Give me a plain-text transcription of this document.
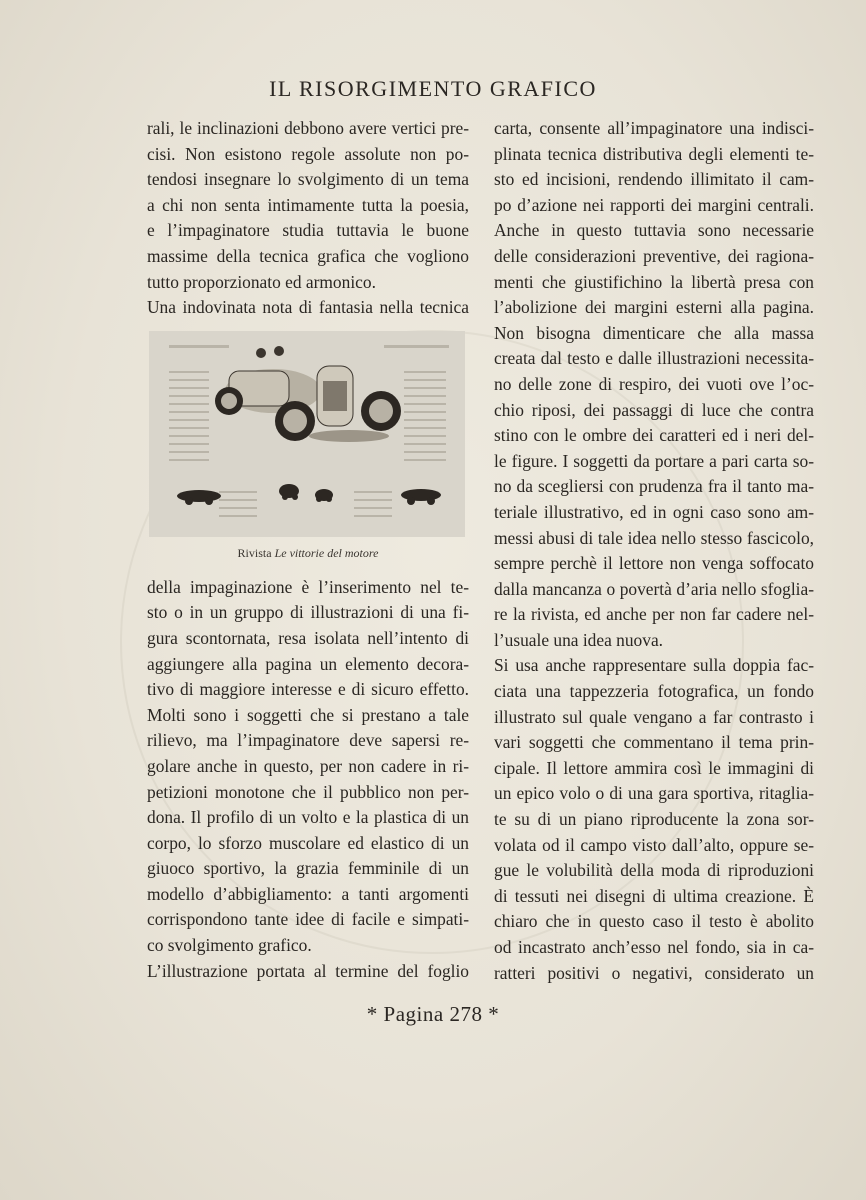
IL RISORGIMENTO GRAFICO

rali, le inclinazioni debbono avere vertici pre-
cisi. Non esistono regole assolute non po-
tendosi insegnare lo svolgimento di un tema
a chi non senta intimamente tutta la poesia,
e l’impaginatore studia tuttavia le buone
massime della tecnica grafica che vogliono
tutto proporzionato ed armonico.

Una indovinata nota di fantasia nella tecnica

Rivista Le vittorie del motore

della impaginazione è l’inserimento nel te-
sto o in un gruppo di illustrazioni di una fi-
gura scontornata, resa isolata nell’intento di
aggiungere alla pagina un elemento decora-
tivo di maggiore interesse e di sicuro effetto.
Molti sono i soggetti che si prestano a tale
rilievo, ma l’impaginatore deve sapersi re-
golare anche in questo, per non cadere in ri-
petizioni monotone che il pubblico non per-
dona. Il profilo di un volto e la plastica di un
corpo, lo sforzo muscolare ed elastico di un
giuoco sportivo, la grazia femminile di un
modello d’abbigliamento: a tanti argomenti
corrispondono tante idee di facile e simpati-
co svolgimento grafico.

L’illustrazione portata al termine del foglio

carta, consente all’impaginatore una indisci-
plinata tecnica distributiva degli elementi te-
sto ed incisioni, rendendo illimitato il cam-
po d’azione nei rapporti dei margini centrali.
Anche in questo tuttavia sono necessarie
delle considerazioni preventive, dei ragiona-
menti che giustifichino la libertà presa con
l’abolizione dei margini esterni alla pagina.
Non bisogna dimenticare che alla massa
creata dal testo e dalle illustrazioni necessita-
no delle zone di respiro, dei vuoti ove l’oc-
chio riposi, dei passaggi di luce che contra
stino con le ombre dei caratteri ed i neri del-
le figure. I soggetti da portare a pari carta so-
no da scegliersi con prudenza fra il tanto ma-
teriale illustrativo, ed in ogni caso sono am-
messi abusi di tale idea nello stesso fascicolo,
sempre perchè il lettore non venga soffocato
dalla mancanza o povertà d’aria nello sfoglia-
re la rivista, ed anche per non far cadere nel-
l’usuale una idea nuova.

Si usa anche rappresentare sulla doppia fac-
ciata una tappezzeria fotografica, un fondo
illustrato sul quale vengano a far contrasto i
vari soggetti che commentano il tema prin-
cipale. Il lettore ammira così le immagini di
un epico volo o di una gara sportiva, ritaglia-
te su di un piano riproducente la zona sor-
volata od il campo visto dall’alto, oppure se-
gue le volubilità della moda di riproduzioni
di tessuti nei disegni di ultima creazione. È
chiaro che in questo caso il testo è abolito
od incastrato anch’esso nel fondo, sia in ca-
ratteri positivi o negativi, considerato un

* Pagina 278 *
